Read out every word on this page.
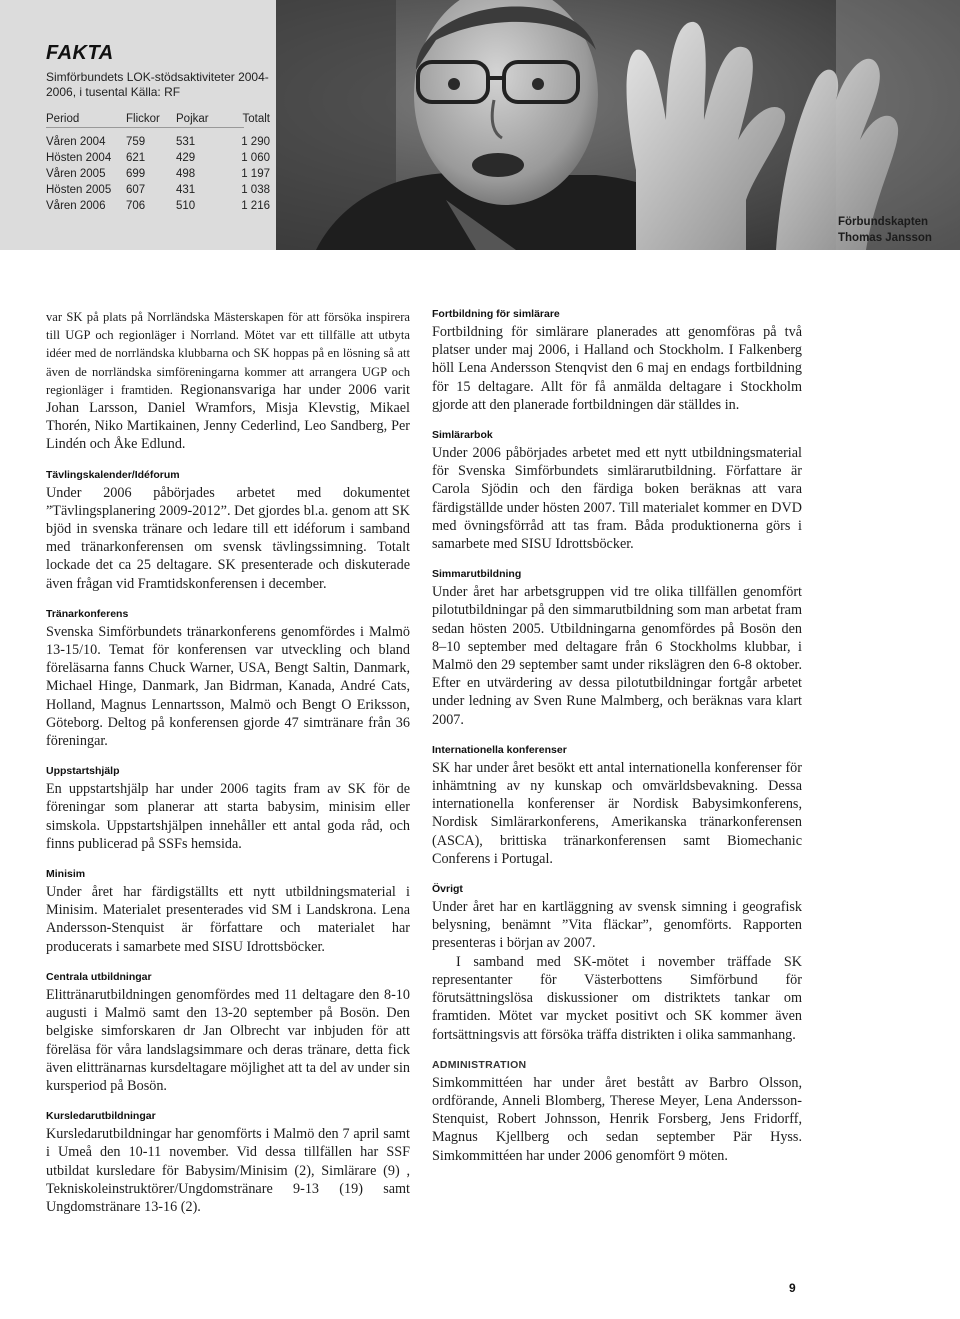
FAKTA
Simförbundets LOK-stödsaktiviteter 2004-2006, i tusental Källa: RF
Period	Flickor	Pojkar	Totalt

Våren 2004	759	531	1 290
Hösten 2004	621	429	1 060
Våren 2005	699	498	1 197
Hösten 2005	607	431	1 038
Våren 2006	706	510	1 216
Förbundskapten
Thomas Jansson

var SK på plats på Norrländska Mästerskapen för att försöka inspirera till UGP och regionläger i Norrland. Mötet var ett tillfälle att utbyta idéer med de norrländska klubbarna och SK hoppas på en lösning så att även de norrländska simföreningarna kommer att arrangera UGP och regionläger i framtiden. Regionansvariga har under 2006 varit Johan Larsson, Daniel Wramfors, Misja Klevstig, Mikael Thorén, Niko Martikainen, Jenny Cederlind, Leo Sandberg, Per Lindén och Åke Edlund.

Tävlingskalender/Idéforum

Under 2006 påbörjades arbetet med dokumentet ”Tävlingsplanering 2009-2012”. Det gjordes bl.a. genom att SK bjöd in svenska tränare och ledare till ett idéforum i samband med tränarkonferensen om svensk tävlingssimning. Totalt lockade det ca 25 deltagare. SK presenterade och diskuterade även frågan vid Framtidskonferensen i december.

Tränarkonferens

Svenska Simförbundets tränarkonferens genomfördes i Malmö 13-15/10. Temat för konferensen var utveckling och bland föreläsarna fanns Chuck Warner, USA, Bengt Saltin, Danmark, Michael Hinge, Danmark, Jan Bidrman, Kanada, André Cats, Holland, Magnus Lennartsson, Malmö och Bengt O Eriksson, Göteborg. Deltog på konferensen gjorde 47 simtränare från 36 föreningar.

Uppstartshjälp

En uppstartshjälp har under 2006 tagits fram av SK för de föreningar som planerar att starta babysim, minisim eller simskola. Uppstartshjälpen innehåller ett antal goda råd, och finns publicerad på SSFs hemsida.

Minisim

Under året har färdigställts ett nytt utbildningsmaterial i Minisim. Materialet presenterades vid SM i Landskrona. Lena Andersson-Stenquist är författare och materialet har producerats i samarbete med SISU Idrottsböcker.

Centrala utbildningar

Elittränarutbildningen genomfördes med 11 deltagare den 8-10 augusti i Malmö samt den 13-20 september på Bosön. Den belgiske simforskaren dr Jan Olbrecht var inbjuden för att föreläsa för våra landslagsimmare och deras tränare, detta fick även elittränarnas kursdeltagare möjlighet att ta del av under sin kursperiod på Bosön.

Kursledarutbildningar

Kursledarutbildningar har genomförts i Malmö den 7 april samt i Umeå den 10-11 november. Vid dessa tillfällen har SSF utbildat kursledare för Babysim/Minisim (2), Simlärare (9) , Tekniskoleinstruktörer/Ungdomstränare 9-13 (19) samt Ungdomstränare 13-16 (2).

Fortbildning för simlärare

Fortbildning för simlärare planerades att genomföras på två platser under maj 2006, i Halland och Stockholm. I Falkenberg höll Lena Andersson Stenqvist den 6 maj en endags fortbildning för 15 deltagare. Allt för få anmälda deltagare i Stockholm gjorde att den planerade fortbildningen där ställdes in.

Simlärarbok

Under 2006 påbörjades arbetet med ett nytt utbildningsmaterial för Svenska Simförbundets simlärarutbildning. Författare är Carola Sjödin och den färdiga boken beräknas att vara färdigställde under hösten 2007. Till materialet kommer en DVD med övningsförråd att tas fram. Båda produktionerna görs i samarbete med SISU Idrottsböcker.

Simmarutbildning

Under året har arbetsgruppen vid tre olika tillfällen genomfört pilotutbildningar på den simmarutbildning som man arbetat fram sedan hösten 2005. Utbildningarna genomfördes på Bosön den 8–10 september med deltagare från 6 Stockholms klubbar, i Malmö den 29 september samt under rikslägren den 6-8 oktober. Efter en utvärdering av dessa pilotutbildningar fortgår arbetet under ledning av Sven Rune Malmberg, och beräknas vara klart 2007.

Internationella konferenser

SK har under året besökt ett antal internationella konferenser för inhämtning av ny kunskap och omvärldsbevakning. Dessa internationella konferenser är Nordisk Babysimkonferens, Nordisk Simlärarkonferens, Amerikanska tränarkonferensen (ASCA), brittiska tränarkonferensen samt Biomechanic Conferens i Portugal.

Övrigt

Under året har en kartläggning av svensk simning i geografisk belysning, benämnt ”Vita fläckar”, genomförts. Rapporten presenteras i början av 2007.

I samband med SK-mötet i november träffade SK representanter för Västerbottens Simförbund för förutsättningslösa diskussioner om distriktets tankar om framtiden. Mötet var mycket positivt och SK kommer även fortsättningsvis att försöka träffa distrikten i olika sammanhang.

ADMINISTRATION

Simkommittéen har under året bestått av Barbro Olsson, ordförande, Anneli Blomberg, Therese Meyer, Lena Andersson-Stenquist, Robert Johnsson, Henrik Forsberg, Jens Fridorff, Magnus Kjellberg och sedan september Pär Hyss. Simkommittéen har under 2006 genomfört 9 möten.

9
